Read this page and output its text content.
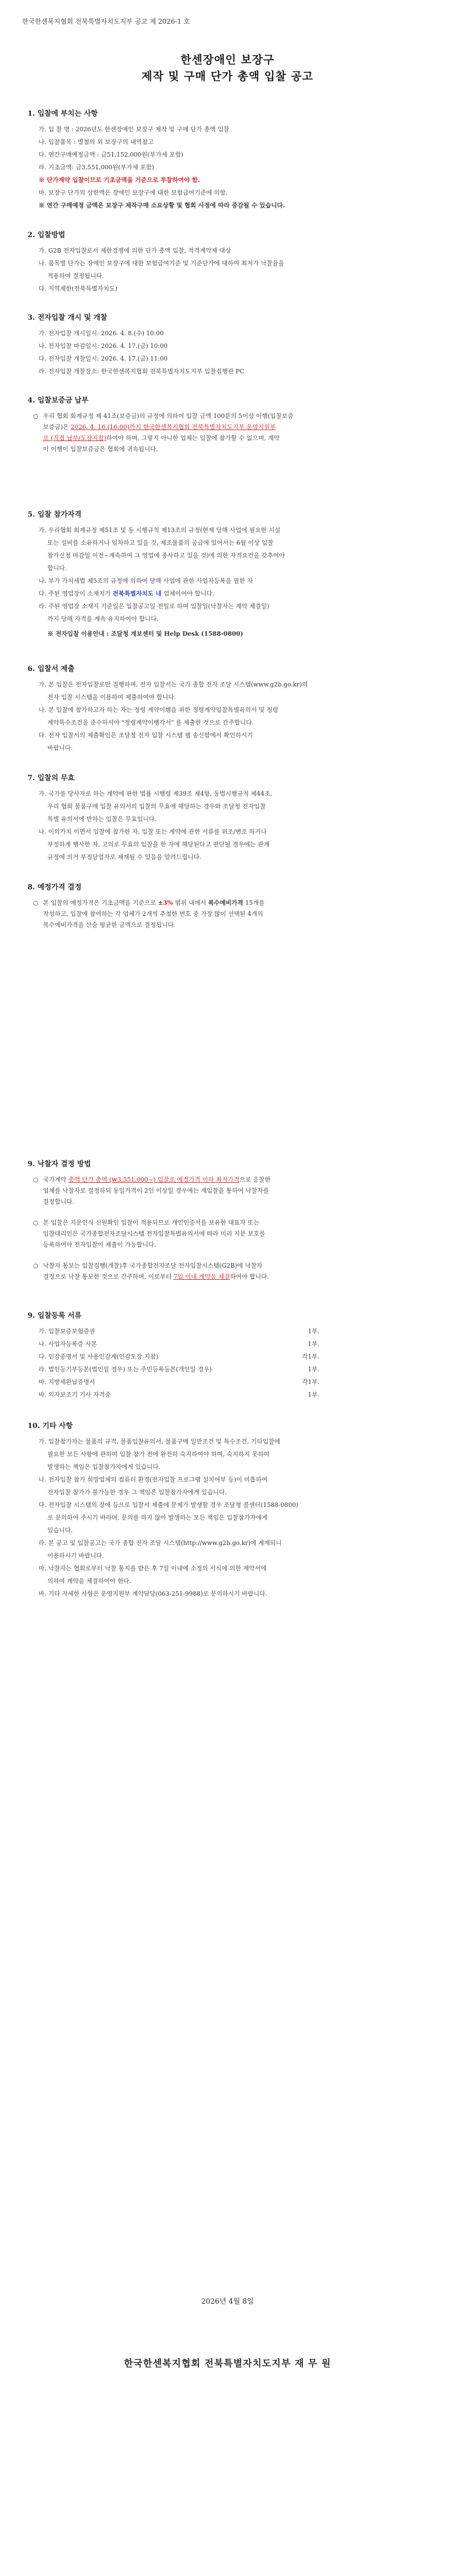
한국한센복지협회 전북특별자치도지부 공고 제 2026-1 호
한센장애인 보장구
제작 및 구매 단가 총액 입찰 공고
1. 입찰에 부치는 사항
가. 입 찰 명 : 2026년도 한센장애인 보장구 제작 및 구매 단가 총액 입찰
나. 입찰품목 : 별첨의 외 보장구의 내역참고
다. 연간구매예정금액 : 금51,152,000원(부가세 포함)
라. 기초금액: 금3,551,000원(부가세 포함)
※ 단가계약 입찰이므로 기초금액을 기준으로 투찰하여야 함.
마. 보장구 단가의 상한액은 장애인 보장구에 대한 보험급여기준에 의함.
※ 연간 구매예정 금액은 보장구 제작구매 소요상황 및 협회 사정에 따라 증감될 수 있습니다.
2. 입찰방법
가. G2B 전자입찰로서 제한경쟁에 의한 단가 총액 입찰, 적격계약제 대상
나. 품목별 단가는 장애인 보장구에 대한 보험급여기준 및 기준단가에 대하여 최저가 낙찰율을
적용하여 결정됩니다.
다. 지역제한(전북특별자치도)
3. 전자입찰 개시 및 개찰
가. 전자입찰 개시일시: 2026. 4. 8.(수) 10:00
나. 전자입찰 마감일시: 2026. 4. 17.(금) 10:00
다. 전자입찰 개찰일시: 2026. 4. 17.(금) 11:00
라. 전자입찰 개찰장소: 한국한센복지협회 전북특별자치도지부 입찰집행관 PC
4. 입찰보증금 납부
○ 우리 협회 회계규정 제 41조(보증금)의 규정에 의하여 입찰 금액 100분의 5이상 이행(입찰보증
보증금)은 2026. 4. 16.(16:00)까지 한국한센복지협회 전북특별자치도지부 운영지원부
로 (직접 납부/도장지참)하여야 하며, 그렇지 아니한 업체는 입찰에 참가할 수 없으며, 계약
이 이행이 입찰보증금은 협회에 귀속됩니다.
5. 입찰 참가자격
가. 우리협회 회계규정 제51조 및 동 시행규칙 제13조의 규정(현재 당해 사업에 필요한 시설
또는 설비를 소유하거나 임차하고 있을 것, 제조물품의 공급에 있어서는 6월 이상 입찰
참가신청 마감일 이전~계속하여 그 영업에 종사하고 있을 것)에 의한 자격요건을 갖추어야
합니다.
나. 부가 가치세법 제5조의 규정에 의하여 당해 사업에 관한 사업자등록을 필한 자
다. 주된 영업장이 소재지가 전북특별자치도 내 업체이어야 합니다.
라. 주된 영업장 소재지 기준일은 입찰공고일 전일로 하며 입찰일(낙찰자는 계약 체결일)
까지 당해 자격을 계속 유지하여야 합니다.
※ 전자입찰 이용안내 : 조달청 계보센터 및 Help Desk (1588-0800)
6. 입찰서 제출
가. 본 입찰은 전자입찰로만 집행하며, 전자 입찰서는 국가 종합 전자 조달 시스템(www.g2b.go.kr)의
전자 입찰 시스템을 이용하여 제출하여야 합니다.
나. 본 입찰에 참가하고자 하는 자는 정령 계약이행을 위한 정령계약입찰특별유의서 및 정령
계약특수조건을 준수하셔야 "정령계약이행각서" 를 제출한 것으로 간주합니다.
다. 전자 입찰서의 제출확인은 조달청 전자 입찰 시스템 웹 송신함에서 확인하시기
바랍니다.
7. 입찰의 무효
가. 국가를 당사자로 하는 계약에 관한 법률 시행령 제39조 제4항, 동법시행규칙 제44조,
우리 협회 물품구매 입찰 유의서의 입찰의 무효에 해당하는 경우와 조달청 전자입찰
특별 유의서에 반하는 입찰은 무효입니다.
나. 이의가치 이면서 입찰에 참가한 자, 입찰 또는 계약에 관한 서류를 위조/변조 하거나
부정하게 행사한 자, 고의로 무효의 입찰을 한 자에 해당된다고 판단될 경우에는 관계
규정에 의거 부정당업자로 제재될 수 있음을 알려드립니다.
8. 예정가격 결정
○ 본 입찰의 예정가격은 기초금액을 기준으로 ±3% 범위 내에서 복수예비가격 15개를
작성하고, 입찰에 참여하는 각 업체가 2개씩 추첨한 번호 중 가장 많이 선택된 4개의
복수예비가격을 산술 평균한 금액으로 결정됩니다.
9. 낙찰자 결정 방법
○ 국가계약 총액 단가 총액 (₩3,551,000~) 입찰로 예정가격 이하 최저가격으로 응찰한
업체를 낙찰자로 결정하되 동일가격이 2인 이상일 경우에는 재입찰을 통하여 낙찰자를
결정합니다.
○ 본 입찰은 지문인식 신원확인 입찰이 적용되므로 개인인증서를 보유한 대표자 또는
입찰대리인은 국가종합전자조달시스템 전자입찰특별유의서에 따라 미리 지문 보호를
등록하여야 전자입찰이 제출이 가능합니다.
○ 낙찰자 통보는 입찰집행(개찰)후 국가종합전자조달 전자입찰시스템(G2B)에 낙찰자
결정으로 낙찰 통보한 것으로 간주하며, 이로부터 7일 이내 계약을 체결하여야 합니다.
9. 입찰등록 서류
가. 입찰보증보험증권	1부.
나. 사업자등록증 사본	1부.
다. 인감증명서 및 사용인감계(인감도장 지참)	각1부.
라. 법인등기부등본(법인일 경우) 또는 주민등록등본(개인일 경우)	1부.
마. 지방세완납증명서	각1부.
바. 의자보조기 기사 자격증	1부.
10. 기타 사항
가. 입찰참가자는 물품의 규격, 물품입찰유의서, 물품구매 일반조건 및 특수조건, 기타입찰에
필요한 모든 사항에 관하여 입찰 참가 전에 완전히 숙지하여야 하며, 숙지하지 못하여
발생하는 책임은 입찰참가자에게 있습니다.
나. 전자입찰 참가 희망업체의 컴퓨터 환경(전자입찰 프로그램 설치여부 등)이 미흡하여
전자입찰 참가가 불가능한 경우 그 책임은 입찰참가자에게 있습니다.
다. 전자입찰 시스템의 장애 등으로 입찰서 제출에 문제가 발생할 경우 조달청 콜센터(1588-0800)
로 문의하여 주시기 바라며, 문의를 하지 않아 발생하는 모든 책임은 입찰참가자에게
있습니다.
라. 본 공고 및 입찰공고는 국가 종합 전자 조달 시스템(http://www.g2b.go.kr)에 게재되니
이용하시기 바랍니다.
마. 낙찰자는 협회로부터 낙찰 통지를 받은 후 7일 이내에 소정의 서식에 의한 계약서에
의하여 계약을 체결하여야 한다.
바. 기타 자세한 사항은 운영지원부 계약담당(063-251-9988)로 문의하시기 바랍니다.
2026년 4월 8일
한국한센복지협회 전북특별자치도지부 재 무 원
